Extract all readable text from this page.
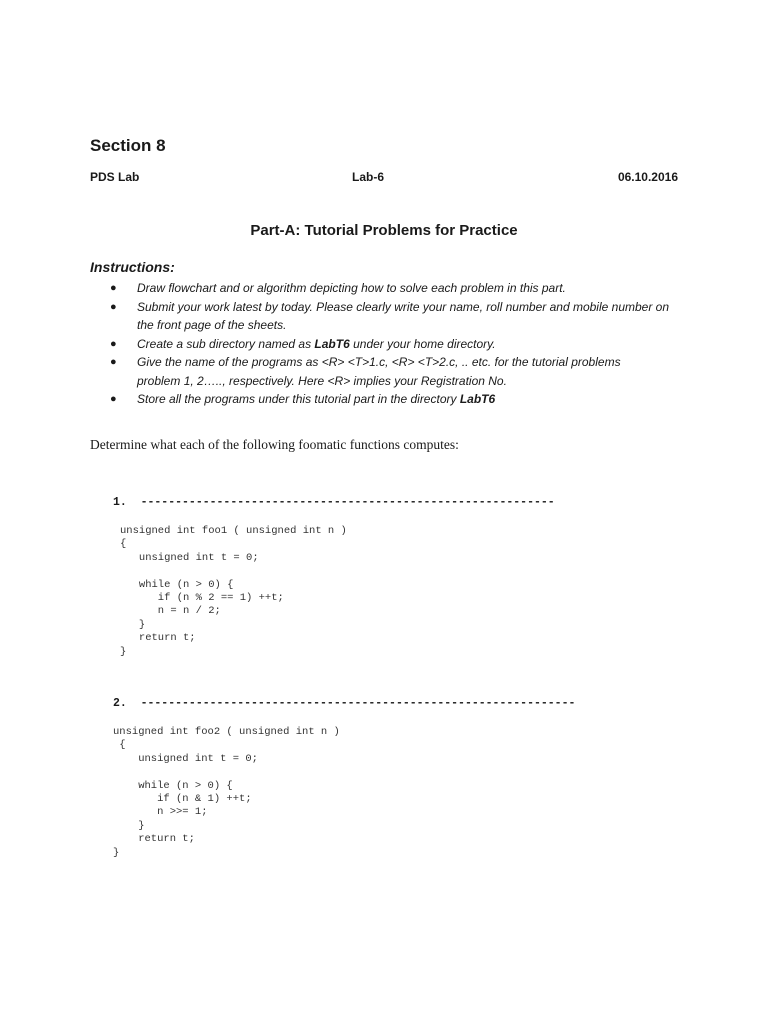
Section 8
PDS Lab	Lab-6	06.10.2016
Part-A: Tutorial Problems for Practice
Instructions:
● Draw flowchart and or algorithm depicting how to solve each problem in this part.
● Submit your work latest by today. Please clearly write your name, roll number and mobile number on the front page of the sheets.
● Create a sub directory named as LabT6 under your home directory.
● Give the name of the programs as <R> <T>1.c, <R> <T>2.c, .. etc. for the tutorial problems
problem 1, 2….., respectively. Here <R> implies your Registration No.
● Store all the programs under this tutorial part in the directory LabT6

Determine what each of the following foomatic functions computes:

1.  ------------------------------------------------------------
unsigned int foo1 ( unsigned int n )
{
unsigned int t = 0;

while (n > 0) {
if (n % 2 == 1) ++t;
n = n / 2;
}
return t;
}
2.  ---------------------------------------------------------------
unsigned int foo2 ( unsigned int n )
{
unsigned int t = 0;

while (n > 0) {
if (n & 1) ++t;
n >>= 1;
}
return t;
}
